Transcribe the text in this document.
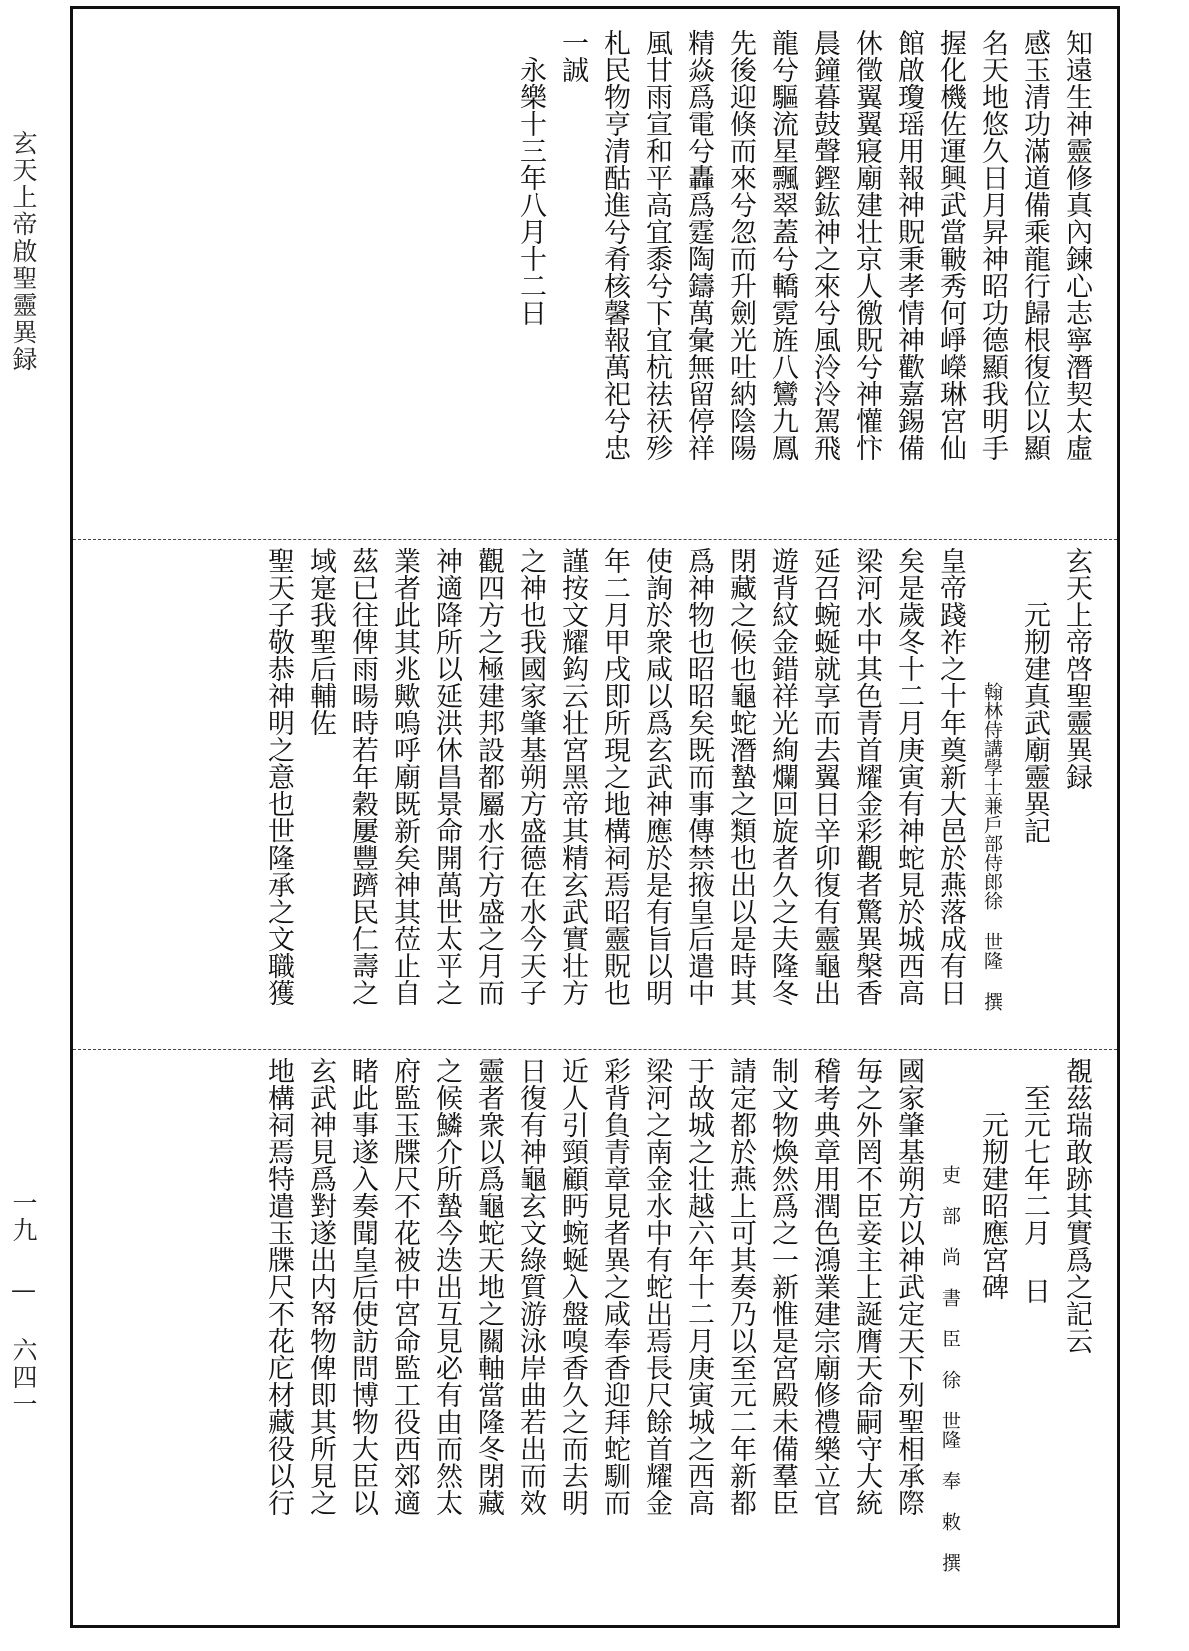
玄天上帝啟聖靈異録
一九 — 六四一
知遠生神靈修真內鍊心志寧潛契太虛
感玉清功滿道備乘龍行歸根復位以顯
名天地悠久日月昇神昭功德顯我明手
握化機佐運興武當皸秀何崢嶸琳宮仙
館啟瓊瑶用報神貺秉孝情神歡嘉錫備
休徵翼翼寢廟建壮京人徼貺兮神懽忭
晨鐘暮鼓聲鏗鈜神之來兮風泠泠駕飛
龍兮驅流星飄翠蓋兮轎霓旌八鸞九鳳
先後迎倏而來兮忽而升劍光吐納陰陽
精焱爲電兮轟爲霆陶鑄萬彙無留停祥
風甘雨宣和平高宜黍兮下宜杭祛祆殄
札民物亨清酤進兮肴核馨報萬祀兮忠
一誠
永樂十三年八月十二日
玄天上帝啓聖靈異録
元剏建真武廟靈異記
翰林侍講學士兼戶部侍郎徐 世隆 撰
皇帝踐祚之十年奠新大邑於燕落成有日
矣是歲冬十二月庚寅有神蛇見於城西高
梁河水中其色青首耀金彩觀者驚異槃香
延召蜿蜒就享而去翼日辛卯復有靈龜出
遊背紋金錯祥光絢爛回旋者久之夫隆冬
閉藏之候也龜蛇潛蟄之類也出以是時其
爲神物也昭昭矣既而事傳禁掖皇后遣中
使詢於衆咸以爲玄武神應於是有旨以明
年二月甲戌即所現之地構祠焉昭靈貺也
謹按文耀鈎云壮宮黑帝其精玄武實壮方
之神也我國家肇基朔方盛德在水今天子
觀四方之極建邦設都屬水行方盛之月而
神適降所以延洪休昌景命開萬世太平之
業者此其兆歟嗚呼廟既新矣神其莅止自
茲已往俾雨暘時若年穀屢豐躋民仁壽之
域寔我聖后輔佐
聖天子敬恭神明之意也世隆承之文職獲
覩茲瑞敢跡其實爲之記云
至元七年二月 日
元剏建昭應宮碑
吏 部 尚 書 臣 徐 世隆 奉 敕 撰
國家肇基朔方以神武定天下列聖相承際
毎之外罔不臣妾主上誕膺天命嗣守大統
稽考典章用潤色鴻業建宗廟修禮樂立官
制文物煥然爲之一新惟是宮殿未備羣臣
請定都於燕上可其奏乃以至元二年新都
于故城之壮越六年十二月庚寅城之西高
梁河之南金水中有蛇出焉長尺餘首耀金
彩背負青章見者異之咸奉香迎拜蛇馴而
近人引頸顧眄蜿蜒入盤嗅香久之而去明
日復有神龜玄文綠質游泳岸曲若出而效
靈者衆以爲龜蛇天地之關軸當隆冬閉藏
之候鱗介所蟄今迭出互見必有由而然太
府監玉牒尺不花被中宮命監工役西郊適
睹此事遂入奏聞皇后使訪問博物大臣以
玄武神見爲對遂出内帑物俾即其所見之
地構祠焉特遣玉牒尺不花庀材藏役以行
